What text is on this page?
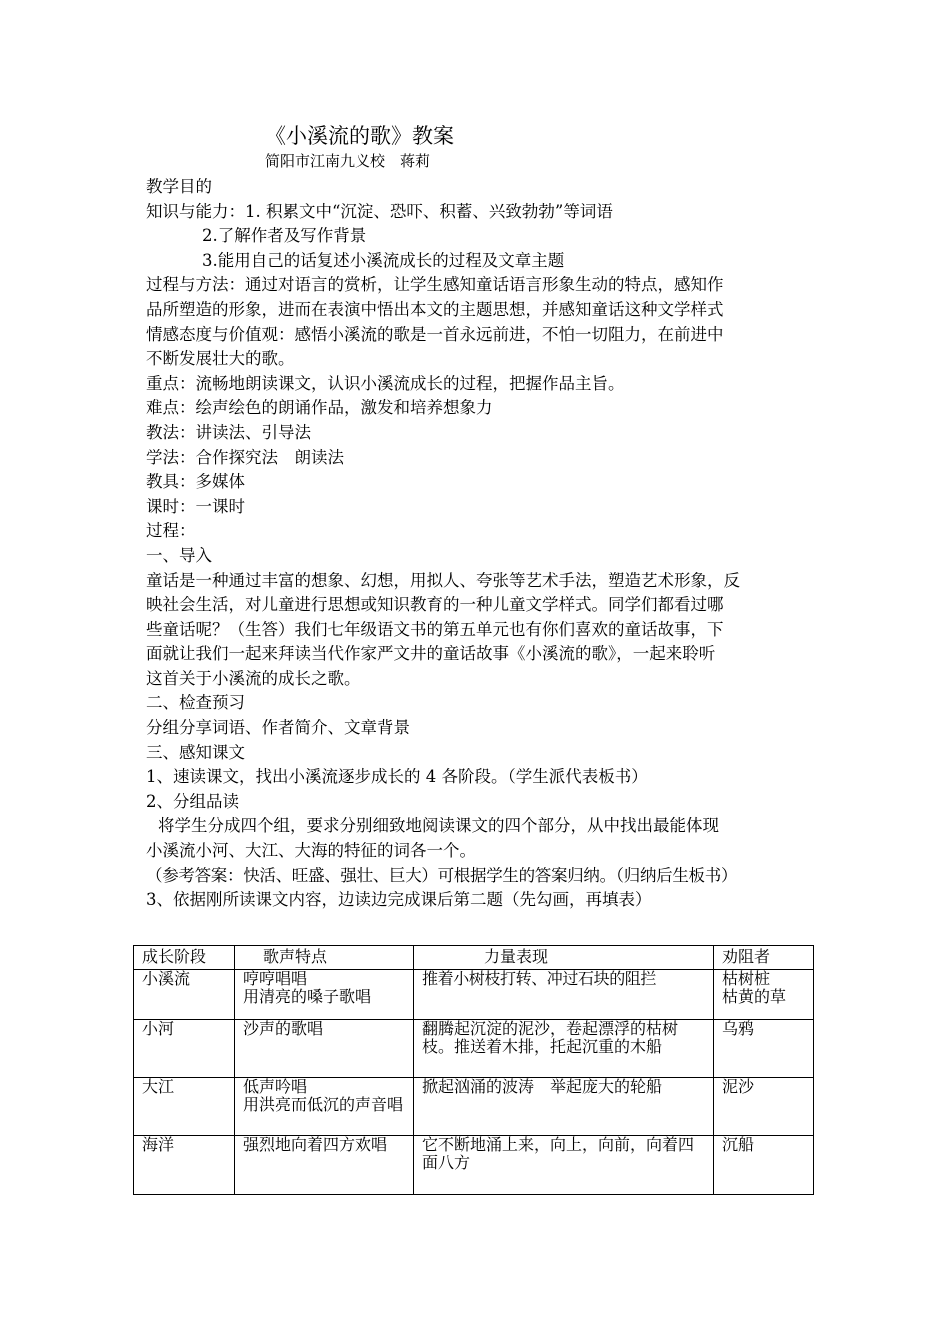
《小溪流的歌》教案
简阳市江南九义校　蒋莉
教学目的
知识与能力：1. 积累文中“沉淀、恐吓、积蓄、兴致勃勃”等词语
2.了解作者及写作背景
3.能用自己的话复述小溪流成长的过程及文章主题
过程与方法：通过对语言的赏析，让学生感知童话语言形象生动的特点，感知作
品所塑造的形象，进而在表演中悟出本文的主题思想，并感知童话这种文学样式
情感态度与价值观：感悟小溪流的歌是一首永远前进，不怕一切阻力，在前进中
不断发展壮大的歌。
重点：流畅地朗读课文，认识小溪流成长的过程，把握作品主旨。
难点：绘声绘色的朗诵作品，激发和培养想象力
教法：讲读法、引导法
学法：合作探究法　朗读法
教具：多媒体
课时：一课时
过程：
一、导入
童话是一种通过丰富的想象、幻想，用拟人、夸张等艺术手法，塑造艺术形象，反
映社会生活，对儿童进行思想或知识教育的一种儿童文学样式。同学们都看过哪
些童话呢？（生答）我们七年级语文书的第五单元也有你们喜欢的童话故事，下
面就让我们一起来拜读当代作家严文井的童话故事《小溪流的歌》，一起来聆听
这首关于小溪流的成长之歌。
二、检查预习
分组分享词语、作者简介、文章背景
三、感知课文
1、速读课文，找出小溪流逐步成长的 4 各阶段。（学生派代表板书）
2、分组品读
将学生分成四个组，要求分别细致地阅读课文的四个部分，从中找出最能体现
小溪流小河、大江、大海的特征的词各一个。
（参考答案：快活、旺盛、强壮、巨大）可根据学生的答案归纳。（归纳后生板书）
3、依据刚所读课文内容，边读边完成课后第二题（先勾画，再填表）
成长阶段	歌声特点	力量表现	劝阻者
小溪流	哼哼唱唱
用清亮的嗓子歌唱	推着小树枝打转、冲过石块的阻拦	枯树桩
枯黄的草
小河	沙声的歌唱	翻腾起沉淀的泥沙，卷起漂浮的枯树枝。推送着木排，托起沉重的木船	乌鸦
大江	低声吟唱
用洪亮而低沉的声音唱	掀起汹涌的波涛　举起庞大的轮船	泥沙
海洋	强烈地向着四方欢唱	它不断地涌上来，向上，向前，向着四面八方	沉船
